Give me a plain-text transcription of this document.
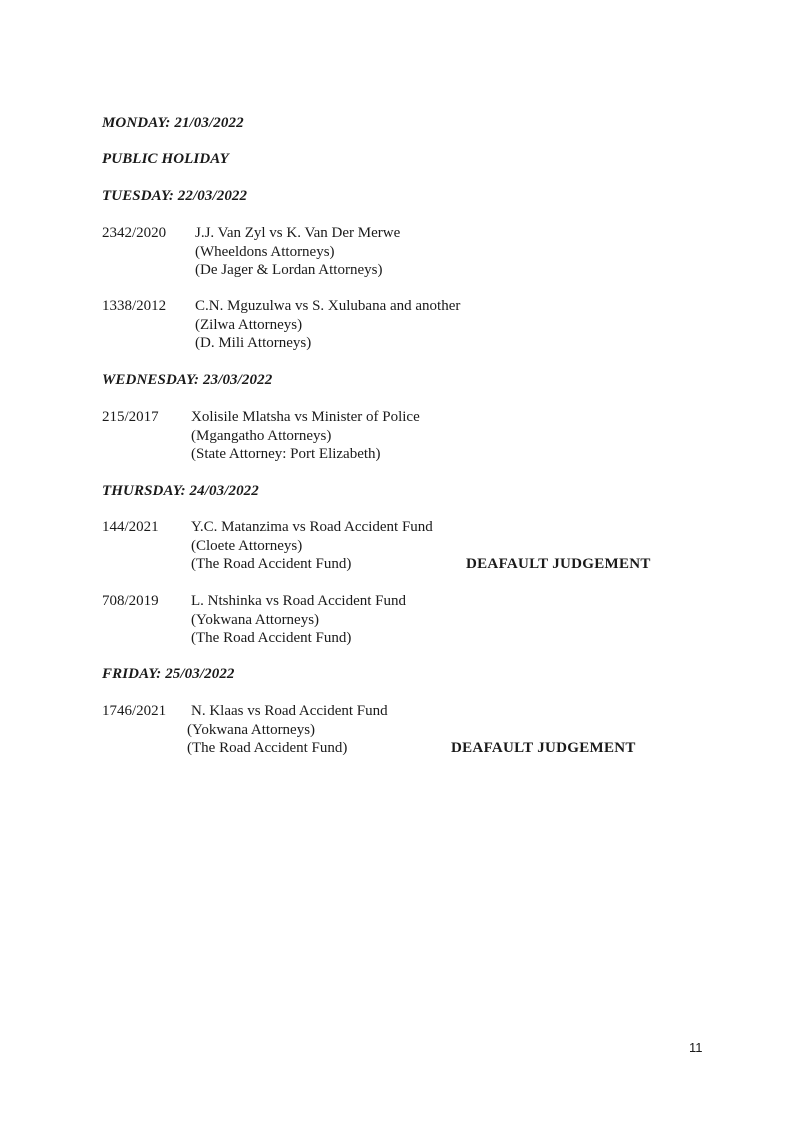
MONDAY: 21/03/2022
PUBLIC HOLIDAY
TUESDAY: 22/03/2022
2342/2020 J.J. Van Zyl vs K. Van Der Merwe
(Wheeldons Attorneys)
(De Jager & Lordan Attorneys)
1338/2012 C.N. Mguzulwa vs S. Xulubana and another
(Zilwa Attorneys)
(D. Mili Attorneys)
WEDNESDAY: 23/03/2022
215/2017 Xolisile Mlatsha vs Minister of Police
(Mgangatho Attorneys)
(State Attorney: Port Elizabeth)
THURSDAY: 24/03/2022
144/2021 Y.C. Matanzima vs Road Accident Fund
(Cloete Attorneys)
(The Road Accident Fund)	DEAFAULT JUDGEMENT
708/2019 L. Ntshinka vs Road Accident Fund
(Yokwana Attorneys)
(The Road Accident Fund)
FRIDAY: 25/03/2022
1746/2021 N. Klaas vs Road Accident Fund
(Yokwana Attorneys)
(The Road Accident Fund)	DEAFAULT JUDGEMENT
11
